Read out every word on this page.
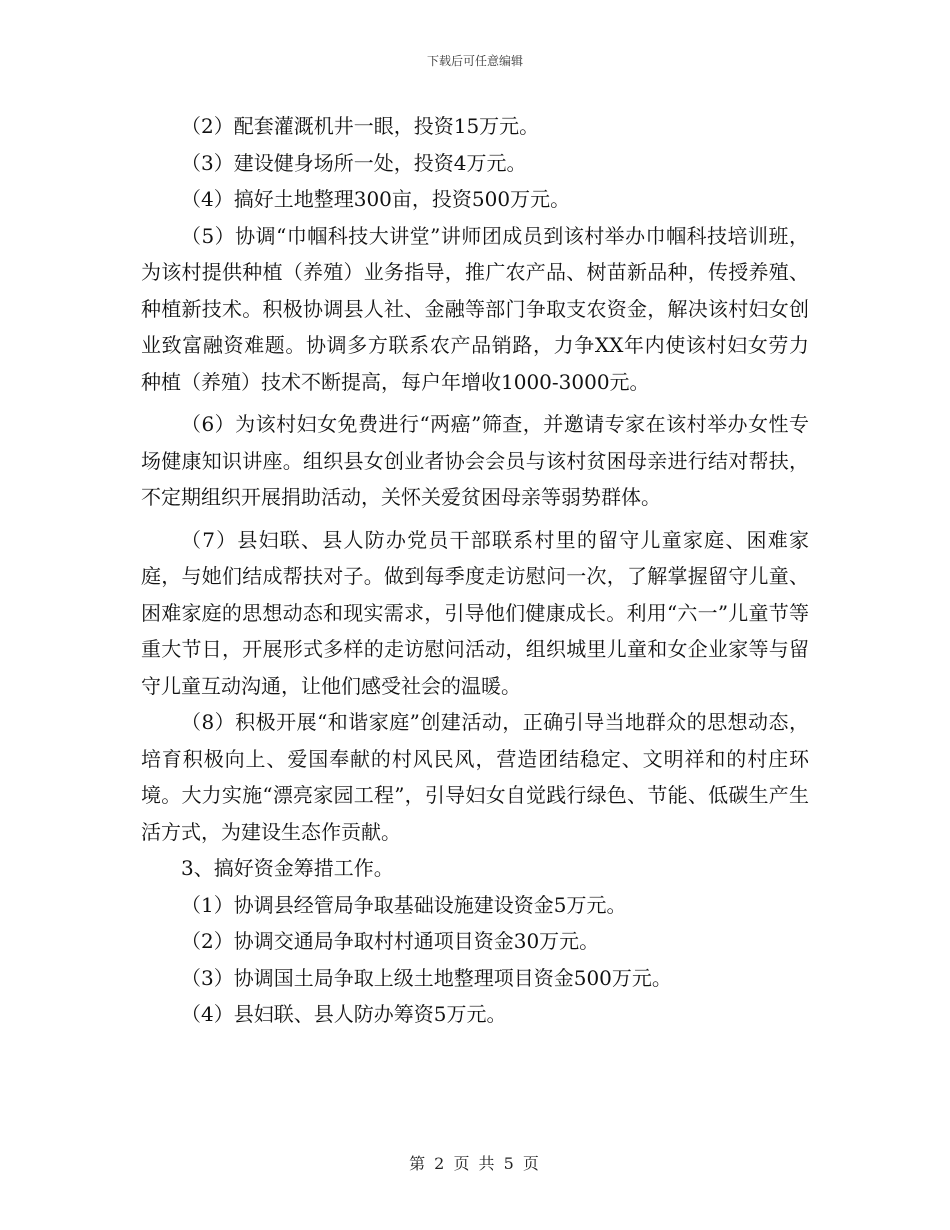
下载后可任意编辑

（2）配套灌溉机井一眼，投资15万元。

（3）建设健身场所一处，投资4万元。

（4）搞好土地整理300亩，投资500万元。

（5）协调“巾帼科技大讲堂”讲师团成员到该村举办巾帼科技培训班，为该村提供种植（养殖）业务指导，推广农产品、树苗新品种，传授养殖、种植新技术。积极协调县人社、金融等部门争取支农资金，解决该村妇女创业致富融资难题。协调多方联系农产品销路，力争XX年内使该村妇女劳力种植（养殖）技术不断提高，每户年增收1000-3000元。

（6）为该村妇女免费进行“两癌”筛查，并邀请专家在该村举办女性专场健康知识讲座。组织县女创业者协会会员与该村贫困母亲进行结对帮扶，不定期组织开展捐助活动，关怀关爱贫困母亲等弱势群体。

（7）县妇联、县人防办党员干部联系村里的留守儿童家庭、困难家庭，与她们结成帮扶对子。做到每季度走访慰问一次，了解掌握留守儿童、困难家庭的思想动态和现实需求，引导他们健康成长。利用“六一”儿童节等重大节日，开展形式多样的走访慰问活动，组织城里儿童和女企业家等与留守儿童互动沟通，让他们感受社会的温暖。

（8）积极开展“和谐家庭”创建活动，正确引导当地群众的思想动态，培育积极向上、爱国奉献的村风民风，营造团结稳定、文明祥和的村庄环境。大力实施“漂亮家园工程”，引导妇女自觉践行绿色、节能、低碳生产生活方式，为建设生态作贡献。

3、搞好资金筹措工作。

（1）协调县经管局争取基础设施建设资金5万元。

（2）协调交通局争取村村通项目资金30万元。

（3）协调国土局争取上级土地整理项目资金500万元。

（4）县妇联、县人防办筹资5万元。

第 2 页 共 5 页
